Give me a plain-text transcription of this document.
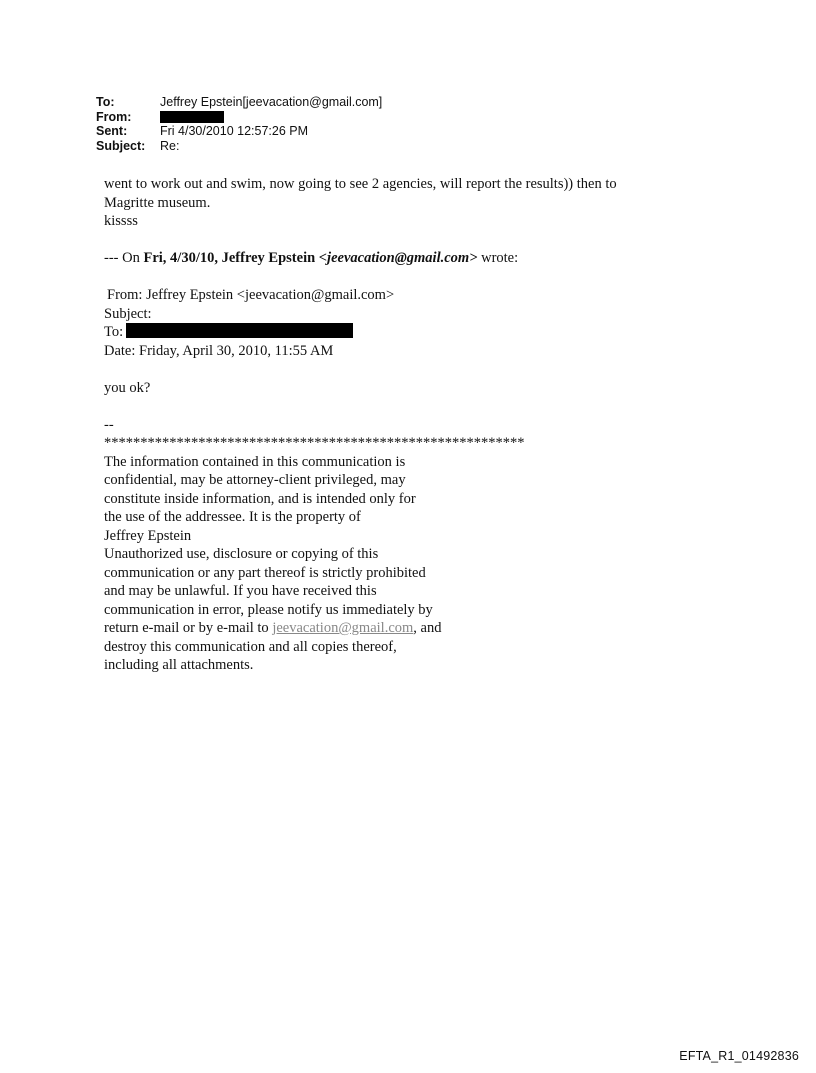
To:	Jeffrey Epstein[jeevacation@gmail.com]
From:
Sent:	Fri 4/30/2010 12:57:26 PM
Subject:	Re:

went to work out and swim, now going to see 2 agencies, will report the results)) then to

Magritte museum.

kissss

--- On Fri, 4/30/10, Jeffrey Epstein <jeevacation@gmail.com> wrote:

From: Jeffrey Epstein <jeevacation@gmail.com>

Subject:

To:

Date: Friday, April 30, 2010, 11:55 AM

you ok?

--

**********************************************************

The information contained in this communication is

confidential, may be attorney-client privileged, may

constitute inside information, and is intended only for

the use of the addressee. It is the property of

Jeffrey Epstein

Unauthorized use, disclosure or copying of this

communication or any part thereof is strictly prohibited

and may be unlawful. If you have received this

communication in error, please notify us immediately by

return e-mail or by e-mail to jeevacation@gmail.com, and

destroy this communication and all copies thereof,

including all attachments.

EFTA_R1_01492836
